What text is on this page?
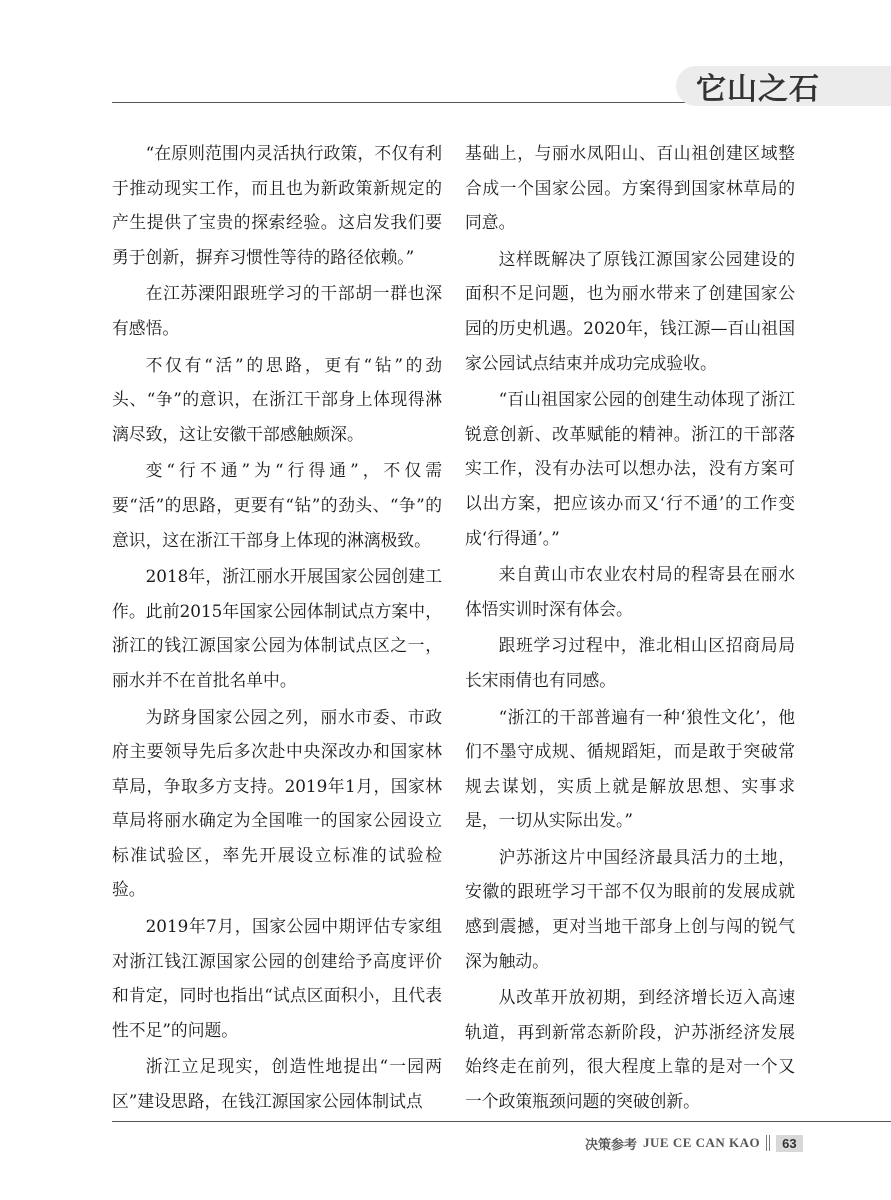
它山之石

“在原则范围内灵活执行政策，不仅有利于推动现实工作，而且也为新政策新规定的产生提供了宝贵的探索经验。这启发我们要勇于创新，摒弃习惯性等待的路径依赖。”

在江苏溧阳跟班学习的干部胡一群也深有感悟。

不仅有“活”的思路，更有“钻”的劲头、“争”的意识，在浙江干部身上体现得淋漓尽致，这让安徽干部感触颇深。

变“行不通”为“行得通”，不仅需要“活”的思路，更要有“钻”的劲头、“争”的意识，这在浙江干部身上体现的淋漓极致。

2018年，浙江丽水开展国家公园创建工作。此前2015年国家公园体制试点方案中，浙江的钱江源国家公园为体制试点区之一，丽水并不在首批名单中。

为跻身国家公园之列，丽水市委、市政府主要领导先后多次赴中央深改办和国家林草局，争取多方支持。2019年1月，国家林草局将丽水确定为全国唯一的国家公园设立标准试验区，率先开展设立标准的试验检验。

2019年7月，国家公园中期评估专家组对浙江钱江源国家公园的创建给予高度评价和肯定，同时也指出“试点区面积小，且代表性不足”的问题。

浙江立足现实，创造性地提出“一园两区”建设思路，在钱江源国家公园体制试点

基础上，与丽水凤阳山、百山祖创建区域整合成一个国家公园。方案得到国家林草局的同意。

这样既解决了原钱江源国家公园建设的面积不足问题，也为丽水带来了创建国家公园的历史机遇。2020年，钱江源—百山祖国家公园试点结束并成功完成验收。

“百山祖国家公园的创建生动体现了浙江锐意创新、改革赋能的精神。浙江的干部落实工作，没有办法可以想办法，没有方案可以出方案，把应该办而又‘行不通’的工作变成‘行得通’。”

来自黄山市农业农村局的程寄县在丽水体悟实训时深有体会。

跟班学习过程中，淮北相山区招商局局长宋雨倩也有同感。

“浙江的干部普遍有一种‘狼性文化’，他们不墨守成规、循规蹈矩，而是敢于突破常规去谋划，实质上就是解放思想、实事求是，一切从实际出发。”

沪苏浙这片中国经济最具活力的土地，安徽的跟班学习干部不仅为眼前的发展成就感到震撼，更对当地干部身上创与闯的锐气深为触动。

从改革开放初期，到经济增长迈入高速轨道，再到新常态新阶段，沪苏浙经济发展始终走在前列，很大程度上靠的是对一个又一个政策瓶颈问题的突破创新。

决策参考 JUE CE CAN KAO	63
